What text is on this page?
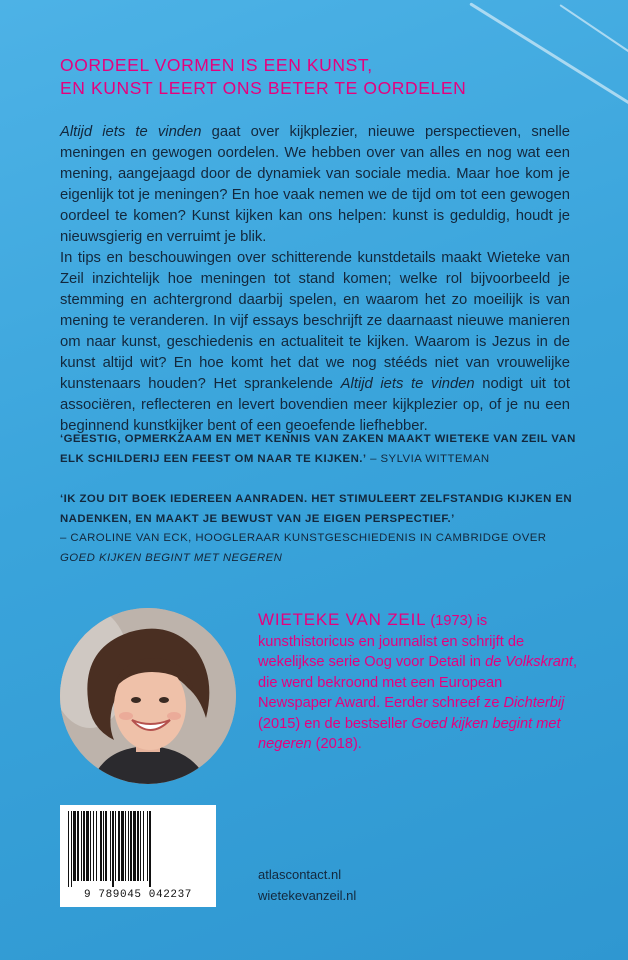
OORDEEL VORMEN IS EEN KUNST,
EN KUNST LEERT ONS BETER TE OORDELEN

Altijd iets te vinden gaat over kijkplezier, nieuwe perspectieven, snelle meningen en gewogen oordelen. We hebben over van alles en nog wat een mening, aangejaagd door de dynamiek van sociale media. Maar hoe kom je eigenlijk tot je meningen? En hoe vaak nemen we de tijd om tot een gewogen oordeel te komen? Kunst kijken kan ons helpen: kunst is geduldig, houdt je nieuwsgierig en verruimt je blik.

In tips en beschouwingen over schitterende kunstdetails maakt Wieteke van Zeil inzichtelijk hoe meningen tot stand komen; welke rol bijvoorbeeld je stemming en achtergrond daarbij spelen, en waarom het zo moeilijk is van mening te veranderen. In vijf essays beschrijft ze daarnaast nieuwe manieren om naar kunst, geschiedenis en actualiteit te kijken. Waarom is Jezus in de kunst altijd wit? En hoe komt het dat we nog stééds niet van vrouwelijke kunstenaars houden? Het sprankelende Altijd iets te vinden nodigt uit tot associëren, reflecteren en levert bovendien meer kijkplezier op, of je nu een beginnend kunstkijker bent of een geoefende liefhebber.

‘GEESTIG, OPMERKZAAM EN MET KENNIS VAN ZAKEN MAAKT WIETEKE VAN ZEIL VAN ELK SCHILDERIJ EEN FEEST OM NAAR TE KIJKEN.’ – SYLVIA WITTEMAN
‘IK ZOU DIT BOEK IEDEREEN AANRADEN. HET STIMULEERT ZELFSTANDIG KIJKEN EN NADENKEN, EN MAAKT JE BEWUST VAN JE EIGEN PERSPECTIEF.’
– CAROLINE VAN ECK, HOOGLERAAR KUNSTGESCHIEDENIS IN CAMBRIDGE OVER
GOED KIJKEN BEGINT MET NEGEREN
WIETEKE VAN ZEIL (1973) is kunsthistoricus en journalist en schrijft de wekelijkse serie Oog voor Detail in de Volkskrant, die werd bekroond met een European Newspaper Award. Eerder schreef ze Dichterbij (2015) en de bestseller Goed kijken begint met negeren (2018).
9 789045 042237
atlascontact.nl
wietekevanzeil.nl
